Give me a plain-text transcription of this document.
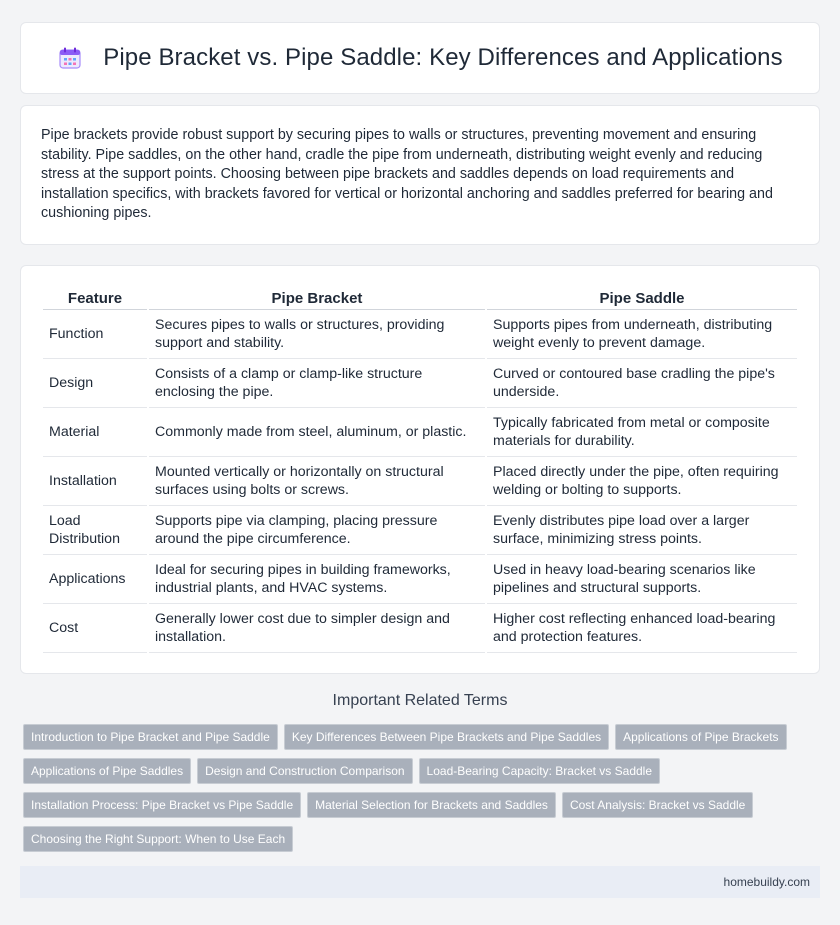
Pipe Bracket vs. Pipe Saddle: Key Differences and Applications

Pipe brackets provide robust support by securing pipes to walls or structures, preventing movement and ensuring stability. Pipe saddles, on the other hand, cradle the pipe from underneath, distributing weight evenly and reducing stress at the support points. Choosing between pipe brackets and saddles depends on load requirements and installation specifics, with brackets favored for vertical or horizontal anchoring and saddles preferred for bearing and cushioning pipes.

Feature	Pipe Bracket	Pipe Saddle
Function	Secures pipes to walls or structures, providing support and stability.	Supports pipes from underneath, distributing weight evenly to prevent damage.
Design	Consists of a clamp or clamp-like structure enclosing the pipe.	Curved or contoured base cradling the pipe's underside.
Material	Commonly made from steel, aluminum, or plastic.	Typically fabricated from metal or composite materials for durability.
Installation	Mounted vertically or horizontally on structural surfaces using bolts or screws.	Placed directly under the pipe, often requiring welding or bolting to supports.
Load Distribution	Supports pipe via clamping, placing pressure around the pipe circumference.	Evenly distributes pipe load over a larger surface, minimizing stress points.
Applications	Ideal for securing pipes in building frameworks, industrial plants, and HVAC systems.	Used in heavy load-bearing scenarios like pipelines and structural supports.
Cost	Generally lower cost due to simpler design and installation.	Higher cost reflecting enhanced load-bearing and protection features.
Important Related Terms
Introduction to Pipe Bracket and Pipe Saddle	Key Differences Between Pipe Brackets and Pipe Saddles	Applications of Pipe Brackets
Applications of Pipe Saddles	Design and Construction Comparison	Load-Bearing Capacity: Bracket vs Saddle
Installation Process: Pipe Bracket vs Pipe Saddle	Material Selection for Brackets and Saddles	Cost Analysis: Bracket vs Saddle
Choosing the Right Support: When to Use Each
homebuildy.com
